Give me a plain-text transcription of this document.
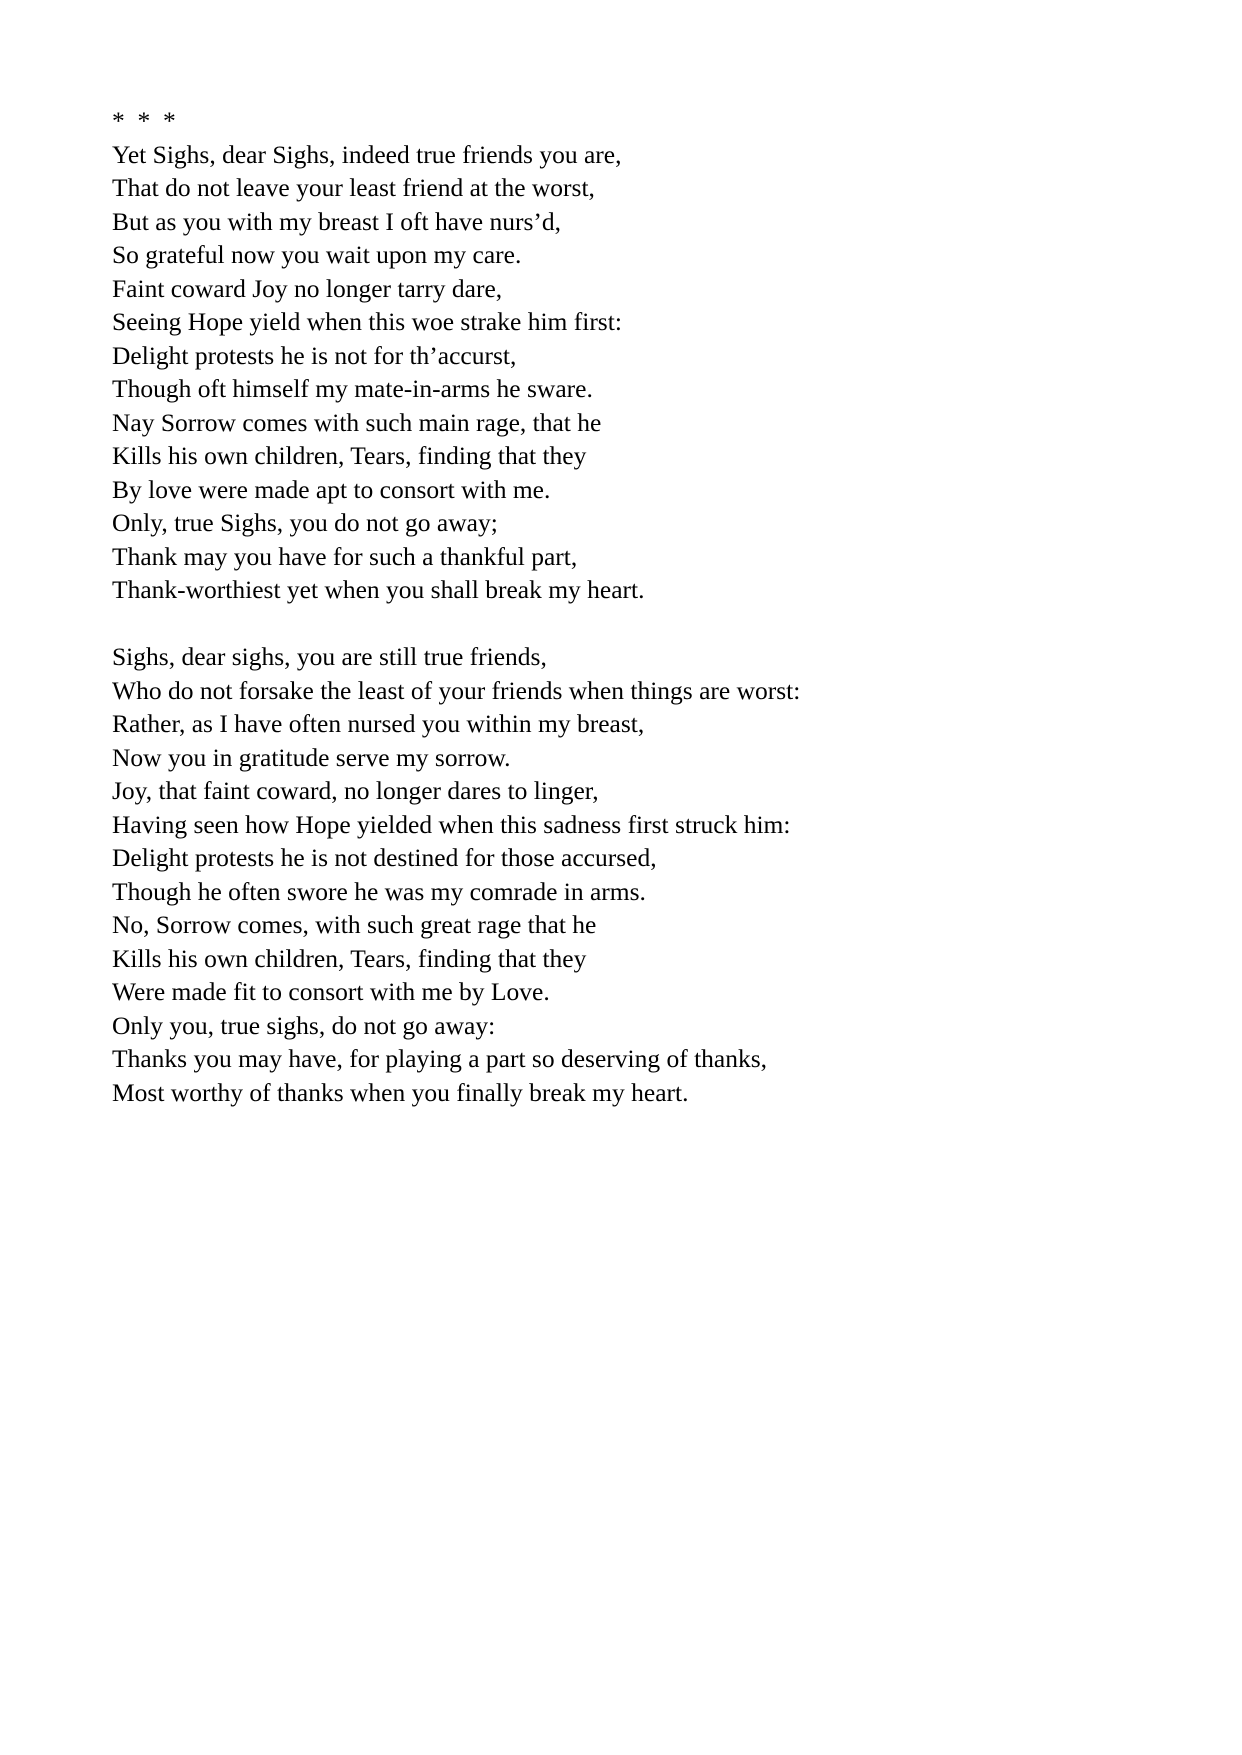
*  *  *
Yet Sighs, dear Sighs, indeed true friends you are,
That do not leave your least friend at the worst,
But as you with my breast I oft have nurs’d,
So grateful now you wait upon my care.
Faint coward Joy no longer tarry dare,
Seeing Hope yield when this woe strake him first:
Delight protests he is not for th’accurst,
Though oft himself my mate-in-arms he sware.
Nay Sorrow comes with such main rage, that he
Kills his own children, Tears, finding that they
By love were made apt to consort with me.
Only, true Sighs, you do not go away;
Thank may you have for such a thankful part,
Thank-worthiest yet when you shall break my heart.
Sighs, dear sighs, you are still true friends,
Who do not forsake the least of your friends when things are worst:
Rather, as I have often nursed you within my breast,
Now you in gratitude serve my sorrow.
Joy, that faint coward, no longer dares to linger,
Having seen how Hope yielded when this sadness first struck him:
Delight protests he is not destined for those accursed,
Though he often swore he was my comrade in arms.
No, Sorrow comes, with such great rage that he
Kills his own children, Tears, finding that they
Were made fit to consort with me by Love.
Only you, true sighs, do not go away:
Thanks you may have, for playing a part so deserving of thanks,
Most worthy of thanks when you finally break my heart.
